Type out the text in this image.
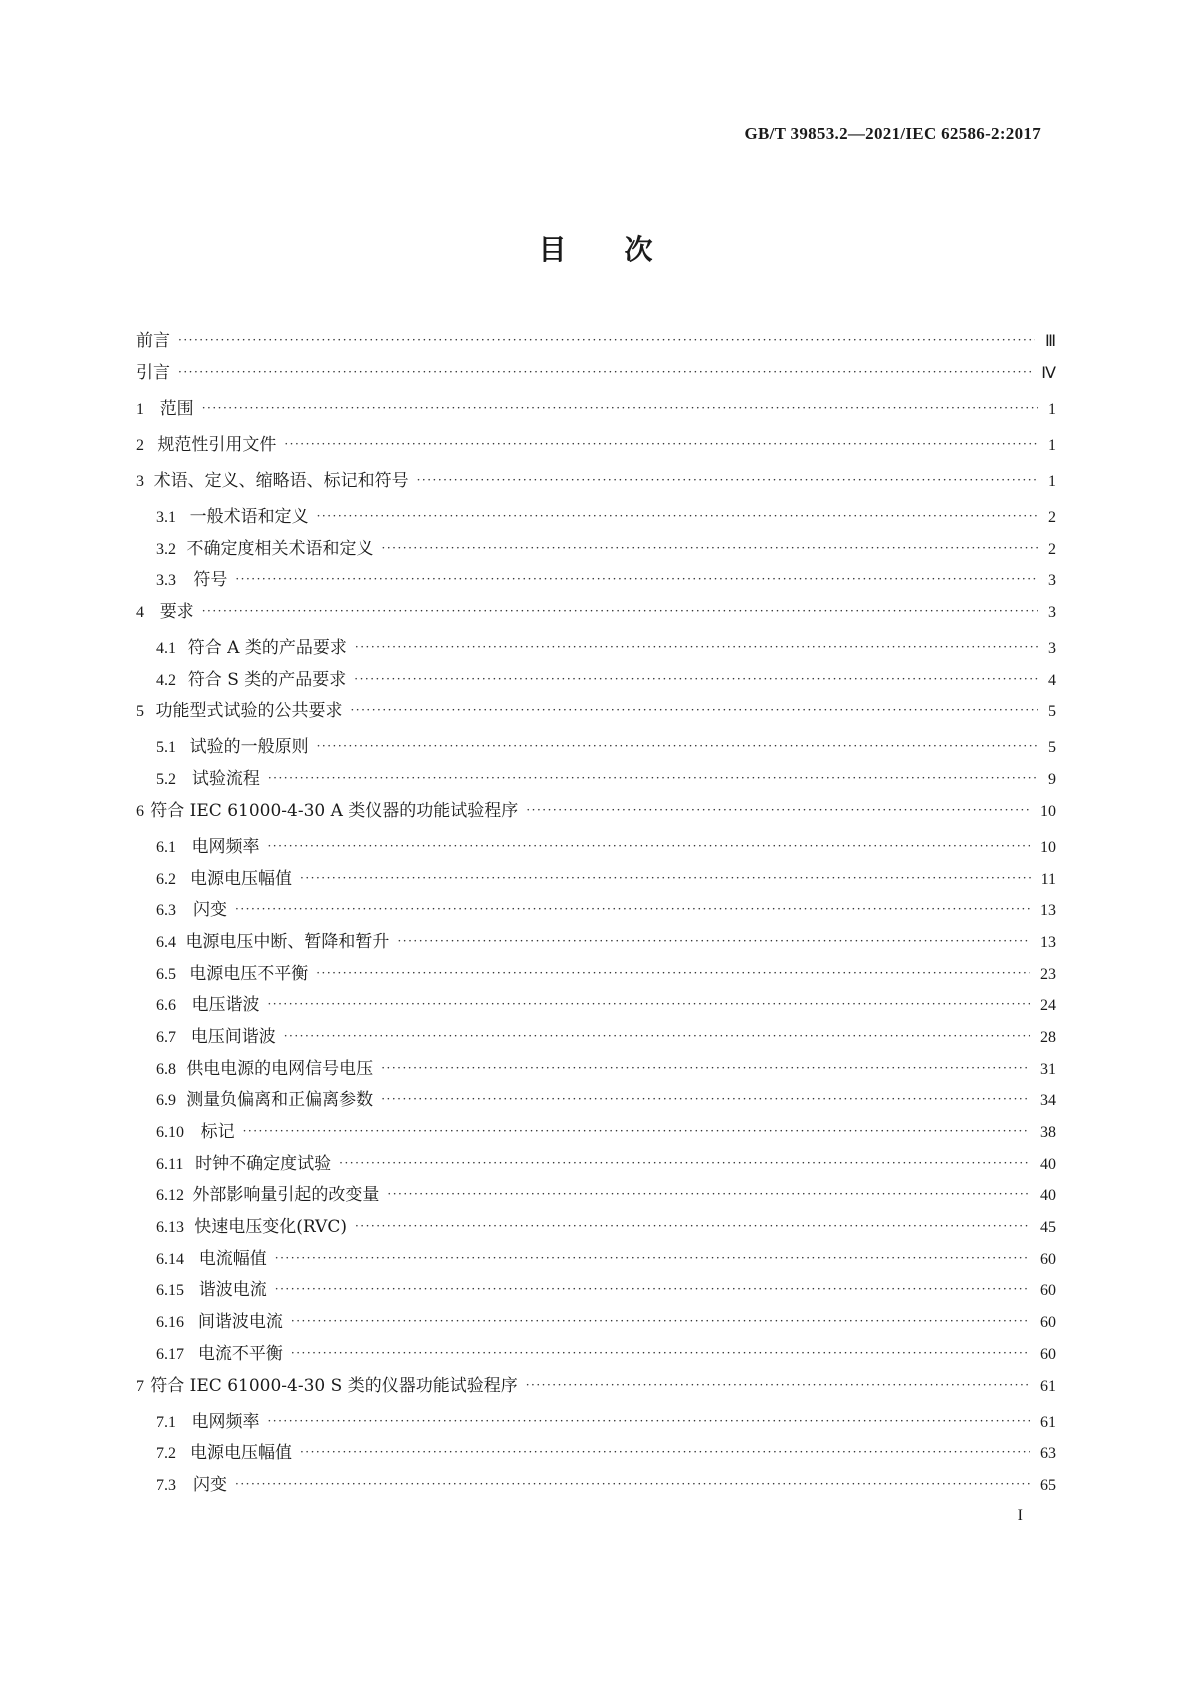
GB/T 39853.2—2021/IEC 62586-2:2017
目次
前言 ·····	Ⅲ
引言 ·····	Ⅳ
1 范围 ·····	1
2 规范性引用文件 ·····	1
3 术语、定义、缩略语、标记和符号 ·····	1
3.1 一般术语和定义 ·····	2
3.2 不确定度相关术语和定义 ·····	2
3.3	符号 ·····	3
4 要求 ·····	3
4.1 符合 A 类的产品要求 ·····	3
4.2 符合 S 类的产品要求 ·····	4
5 功能型式试验的公共要求 ·····	5
5.1 试验的一般原则 ·····	5
5.2 试验流程 ·····	9
6 符合 IEC 61000-4-30 A 类仪器的功能试验程序 ·····	10
6.1 电网频率 ·····	10
6.2 电源电压幅值 ·····	11
6.3	闪变 ·····	13
6.4 电源电压中断、暂降和暂升 ·····	13
6.5 电源电压不平衡 ·····	23
6.6 电压谐波 ·····	24
6.7 电压间谐波 ·····	28
6.8 供电电源的电网信号电压 ·····	31
6.9 测量负偏离和正偏离参数 ·····	34
6.10 标记 ·····	38
6.11 时钟不确定度试验 ·····	40
6.12 外部影响量引起的改变量 ·····	40
6.13 快速电压变化(RVC) ·····	45
6.14 电流幅值 ·····	60
6.15 谐波电流 ·····	60
6.16 间谐波电流 ·····	60
6.17 电流不平衡 ·····	60
7 符合 IEC 61000-4-30 S 类的仪器功能试验程序 ·····	61
7.1 电网频率 ·····	61
7.2 电源电压幅值 ·····	63
7.3	闪变 ·····	65
I
